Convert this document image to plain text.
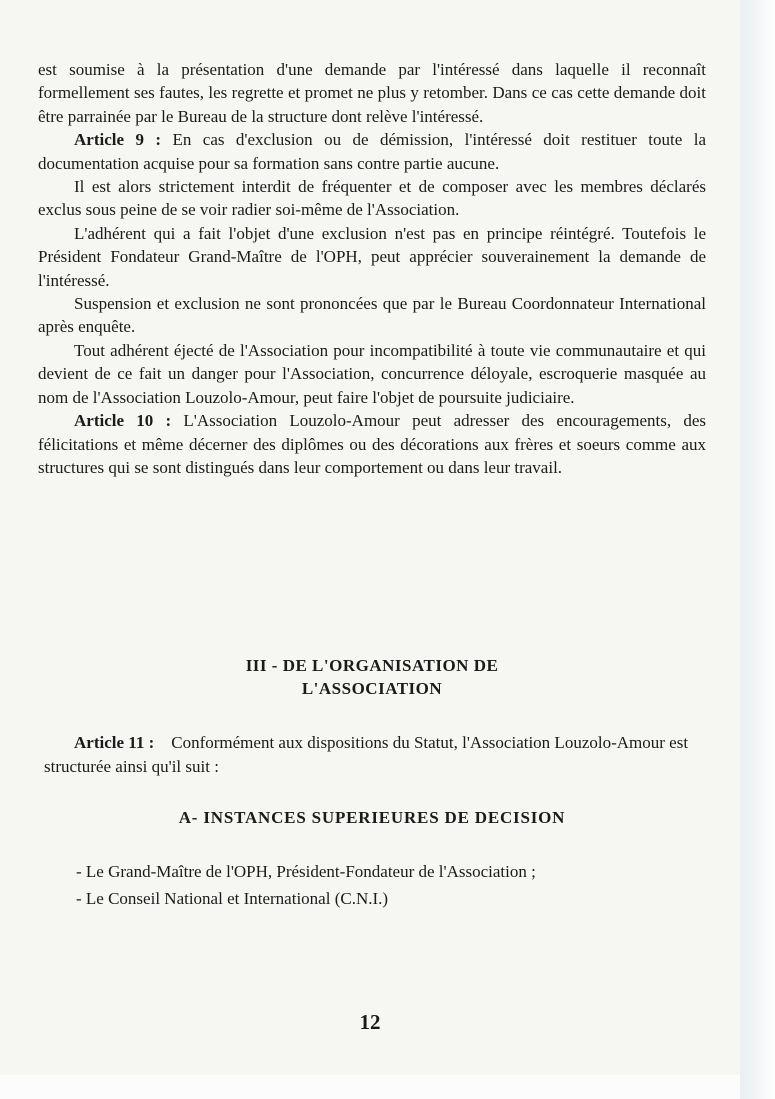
est soumise à la présentation d'une demande par l'intéressé dans laquelle il reconnaît formellement ses fautes, les regrette et promet ne plus y retomber. Dans ce cas cette demande doit être parrainée par le Bureau de la structure dont relève l'intéressé.

Article 9 : En cas d'exclusion ou de démission, l'intéressé doit restituer toute la documentation acquise pour sa formation sans contre partie aucune.

Il est alors strictement interdit de fréquenter et de composer avec les membres déclarés exclus sous peine de se voir radier soi-même de l'Association.

L'adhérent qui a fait l'objet d'une exclusion n'est pas en principe réintégré. Toutefois le Président Fondateur Grand-Maître de l'OPH, peut apprécier souverainement la demande de l'intéressé.

Suspension et exclusion ne sont prononcées que par le Bureau Coordonnateur International après enquête.

Tout adhérent éjecté de l'Association pour incompatibilité à toute vie communautaire et qui devient de ce fait un danger pour l'Association, concurrence déloyale, escroquerie masquée au nom de l'Association Louzolo-Amour, peut faire l'objet de poursuite judiciaire.

Article 10 : L'Association Louzolo-Amour peut adresser des encouragements, des félicitations et même décerner des diplômes ou des décorations aux frères et soeurs comme aux structures qui se sont distingués dans leur comportement ou dans leur travail.

III - DE L'ORGANISATION DE
L'ASSOCIATION

Article 11 : Conformément aux dispositions du Statut, l'Association Louzolo-Amour est structurée ainsi qu'il suit :

A- INSTANCES SUPERIEURES DE DECISION
- Le Grand-Maître de l'OPH, Président-Fondateur de l'Association ;
- Le Conseil National et International (C.N.I.)
12
